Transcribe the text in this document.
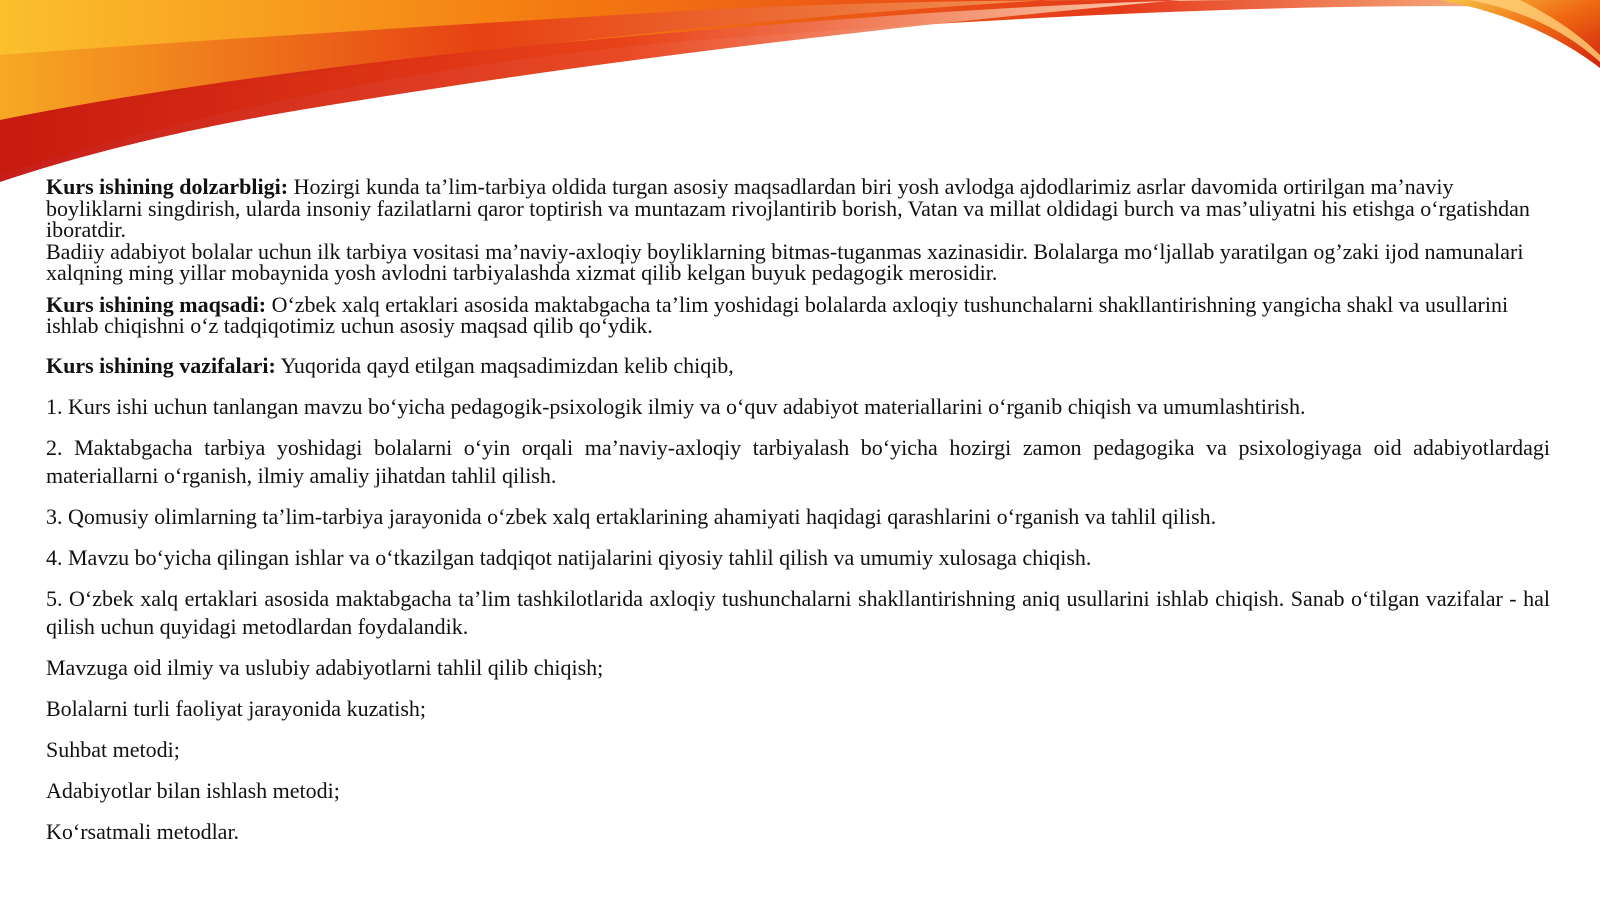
Kurs ishining dolzarbligi: Hozirgi kunda ta’lim-tarbiya oldida turgan asosiy maqsadlardan biri yosh avlodga ajdodlarimiz asrlar davomida ortirilgan ma’naviy boyliklarni singdirish, ularda insoniy fazilatlarni qaror toptirish va muntazam rivojlantirib borish, Vatan va millat oldidagi burch va mas’uliyatni his etishga o‘rgatishdan iboratdir.

Badiiy adabiyot bolalar uchun ilk tarbiya vositasi ma’naviy-axloqiy boyliklarning bitmas-tuganmas xazinasidir. Bolalarga mo‘ljallab yaratilgan og’zaki ijod namunalari xalqning ming yillar mobaynida yosh avlodni tarbiyalashda xizmat qilib kelgan buyuk pedagogik merosidir.

Kurs ishining maqsadi: O‘zbek xalq ertaklari asosida maktabgacha ta’lim yoshidagi bolalarda axloqiy tushunchalarni shakllantirishning yangicha shakl va usullarini ishlab chiqishni o‘z tadqiqotimiz uchun asosiy maqsad qilib qo‘ydik.

Kurs ishining vazifalari: Yuqorida qayd etilgan maqsadimizdan kelib chiqib,

1. Kurs ishi uchun tanlangan mavzu bo‘yicha pedagogik-psixologik ilmiy va o‘quv adabiyot materiallarini o‘rganib chiqish va umumlashtirish.

2. Maktabgacha tarbiya yoshidagi bolalarni o‘yin orqali ma’naviy-axloqiy tarbiyalash bo‘yicha hozirgi zamon pedagogika va psixologiyaga oid adabiyotlardagi materiallarni o‘rganish, ilmiy amaliy jihatdan tahlil qilish.

3. Qomusiy olimlarning ta’lim-tarbiya jarayonida o‘zbek xalq ertaklarining ahamiyati haqidagi qarashlarini o‘rganish va tahlil qilish.

4. Mavzu bo‘yicha qilingan ishlar va o‘tkazilgan tadqiqot natijalarini qiyosiy tahlil qilish va umumiy xulosaga chiqish.

5. O‘zbek xalq ertaklari asosida maktabgacha ta’lim tashkilotlarida axloqiy tushunchalarni shakllantirishning aniq usullarini ishlab chiqish. Sanab o‘tilgan vazifalar - hal qilish uchun quyidagi metodlardan foydalandik.

Mavzuga oid ilmiy va uslubiy adabiyotlarni tahlil qilib chiqish;

Bolalarni turli faoliyat jarayonida kuzatish;

Suhbat metodi;

Adabiyotlar bilan ishlash metodi;

Ko‘rsatmali metodlar.
